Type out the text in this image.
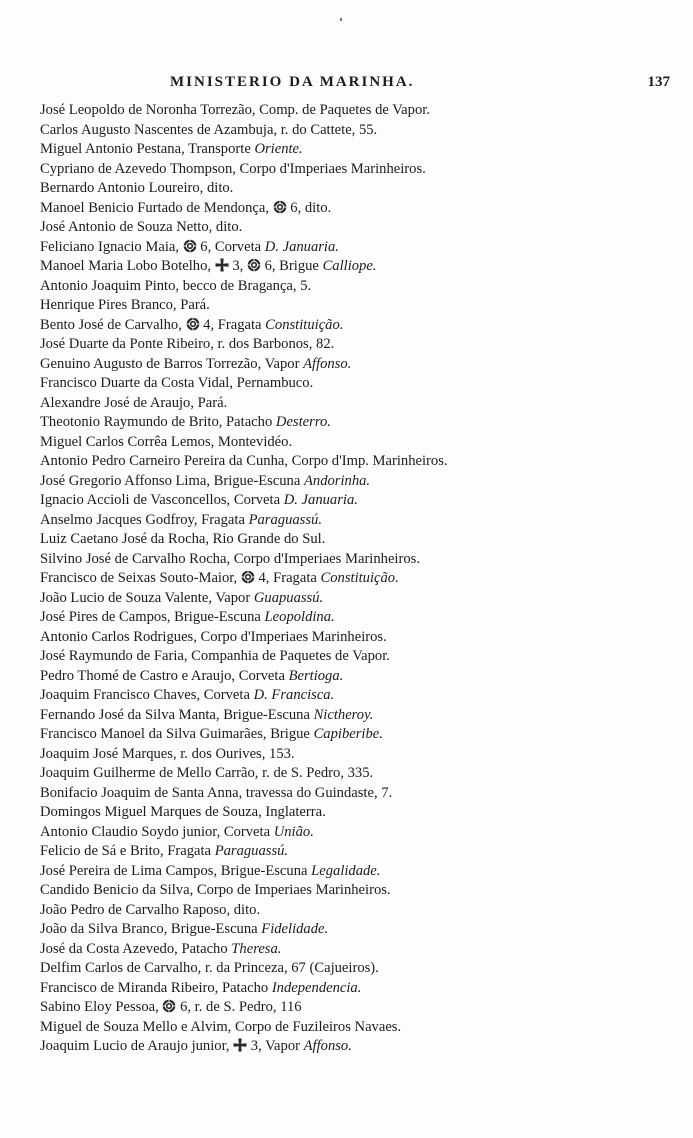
MINISTERIO DA MARINHA.	137
José Leopoldo de Noronha Torrezão, Comp. de Paquetes de Vapor.
Carlos Augusto Nascentes de Azambuja, r. do Cattete, 55.
Miguel Antonio Pestana, Transporte Oriente.
Cypriano de Azevedo Thompson, Corpo d'Imperiaes Marinheiros.
Bernardo Antonio Loureiro, dito.
Manoel Benicio Furtado de Mendonça,
6, dito.
José Antonio de Souza Netto, dito.
Feliciano Ignacio Maia,
6, Corveta D. Januaria.
Manoel Maria Lobo Botelho,
3,
6, Brigue Calliope.
Antonio Joaquim Pinto, becco de Bragança, 5.
Henrique Pires Branco, Pará.
Bento José de Carvalho,
4, Fragata Constituição.
José Duarte da Ponte Ribeiro, r. dos Barbonos, 82.
Genuino Augusto de Barros Torrezão, Vapor Affonso.
Francisco Duarte da Costa Vidal, Pernambuco.
Alexandre José de Araujo, Pará.
Theotonio Raymundo de Brito, Patacho Desterro.
Miguel Carlos Corrêa Lemos, Montevidéo.
Antonio Pedro Carneiro Pereira da Cunha, Corpo d'Imp. Marinheiros.
José Gregorio Affonso Lima, Brigue-Escuna Andorinha.
Ignacio Accioli de Vasconcellos, Corveta D. Januaria.
Anselmo Jacques Godfroy, Fragata Paraguassú.
Luiz Caetano José da Rocha, Rio Grande do Sul.
Silvino José de Carvalho Rocha, Corpo d'Imperiaes Marinheiros.
Francisco de Seixas Souto-Maior,
4, Fragata Constituição.
João Lucio de Souza Valente, Vapor Guapuassú.
José Pires de Campos, Brigue-Escuna Leopoldina.
Antonio Carlos Rodrigues, Corpo d'Imperiaes Marinheiros.
José Raymundo de Faria, Companhia de Paquetes de Vapor.
Pedro Thomé de Castro e Araujo, Corveta Bertioga.
Joaquim Francisco Chaves, Corveta D. Francisca.
Fernando José da Silva Manta, Brigue-Escuna Nictheroy.
Francisco Manoel da Silva Guimarães, Brigue Capiberibe.
Joaquim José Marques, r. dos Ourives, 153.
Joaquim Guilherme de Mello Carrão, r. de S. Pedro, 335.
Bonifacio Joaquim de Santa Anna, travessa do Guindaste, 7.
Domingos Miguel Marques de Souza, Inglaterra.
Antonio Claudio Soydo junior, Corveta União.
Felicio de Sá e Brito, Fragata Paraguassú.
José Pereira de Lima Campos, Brigue-Escuna Legalidade.
Candido Benicio da Silva, Corpo de Imperiaes Marinheiros.
João Pedro de Carvalho Raposo, dito.
João da Silva Branco, Brigue-Escuna Fidelidade.
José da Costa Azevedo, Patacho Theresa.
Delfim Carlos de Carvalho, r. da Princeza, 67 (Cajueiros).
Francisco de Miranda Ribeiro, Patacho Independencia.
Sabino Eloy Pessoa,
6, r. de S. Pedro, 116
Miguel de Souza Mello e Alvim, Corpo de Fuzileiros Navaes.
Joaquim Lucio de Araujo junior,
3, Vapor Affonso.
